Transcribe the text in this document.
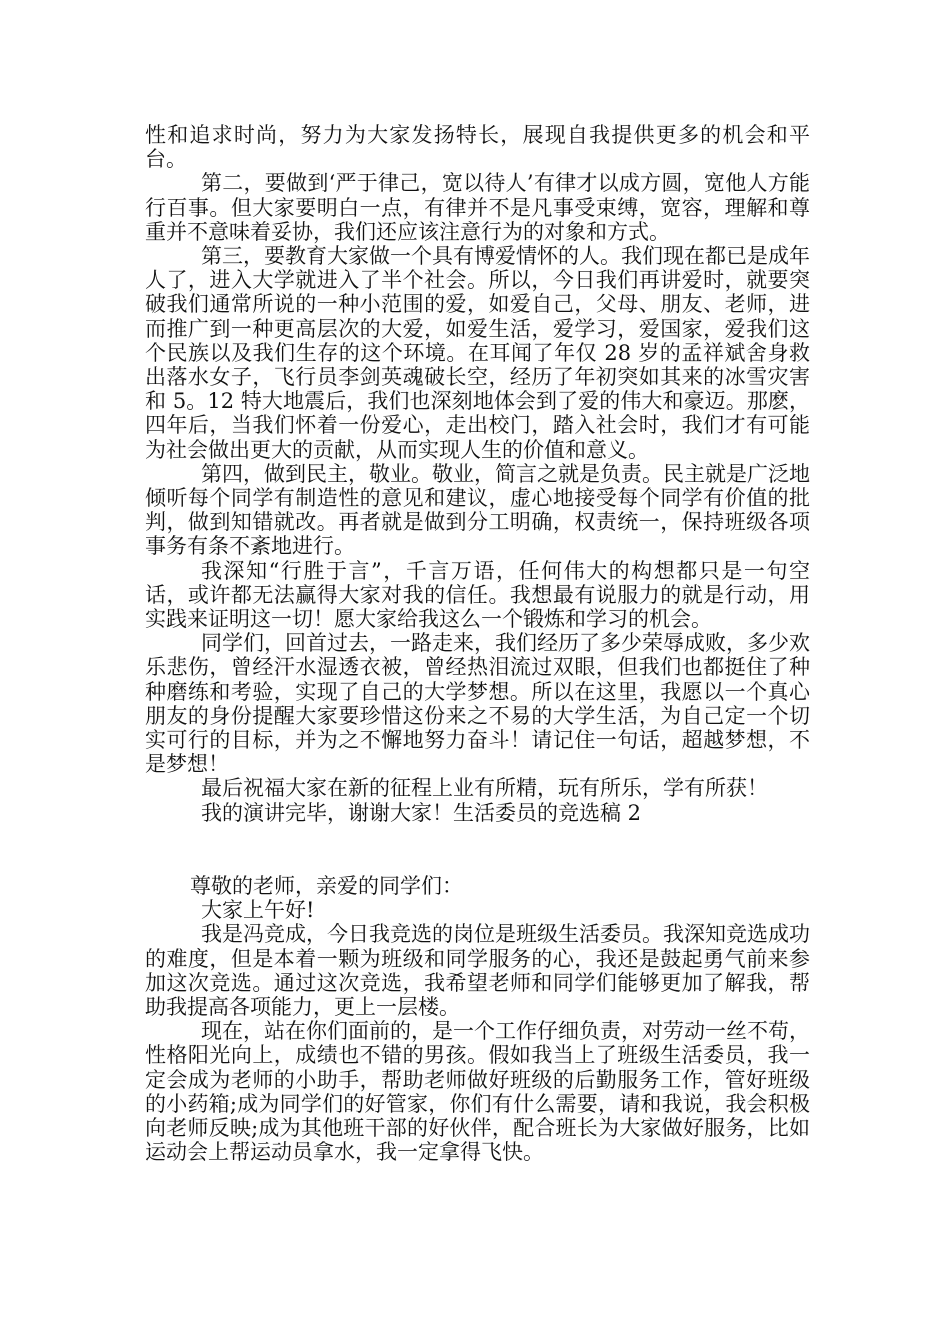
性和追求时尚，努力为大家发扬特长，展现自我提供更多的机会和平台。

第二，要做到‘严于律己，宽以待人’有律才以成方圆，宽他人方能行百事。但大家要明白一点，有律并不是凡事受束缚，宽容，理解和尊重并不意味着妥协，我们还应该注意行为的对象和方式。

第三，要教育大家做一个具有博爱情怀的人。我们现在都已是成年人了，进入大学就进入了半个社会。所以，今日我们再讲爱时，就要突破我们通常所说的一种小范围的爱，如爱自己，父母、朋友、老师，进而推广到一种更高层次的大爱，如爱生活，爱学习，爱国家，爱我们这个民族以及我们生存的这个环境。在耳闻了年仅 28 岁的孟祥斌舍身救出落水女子，飞行员李剑英魂破长空，经历了年初突如其来的冰雪灾害和 5。12 特大地震后，我们也深刻地体会到了爱的伟大和豪迈。那麽，四年后，当我们怀着一份爱心，走出校门，踏入社会时，我们才有可能为社会做出更大的贡献，从而实现人生的价值和意义。

第四，做到民主，敬业。敬业，简言之就是负责。民主就是广泛地倾听每个同学有制造性的意见和建议，虚心地接受每个同学有价值的批判，做到知错就改。再者就是做到分工明确，权责统一，保持班级各项事务有条不紊地进行。

我深知“行胜于言”，千言万语，任何伟大的构想都只是一句空话，或许都无法赢得大家对我的信任。我想最有说服力的就是行动，用实践来证明这一切！愿大家给我这么一个锻炼和学习的机会。

同学们，回首过去，一路走来，我们经历了多少荣辱成败，多少欢乐悲伤，曾经汗水湿透衣被，曾经热泪流过双眼，但我们也都挺住了种种磨练和考验，实现了自己的大学梦想。所以在这里，我愿以一个真心朋友的身份提醒大家要珍惜这份来之不易的大学生活，为自己定一个切实可行的目标，并为之不懈地努力奋斗！请记住一句话，超越梦想，不是梦想！

最后祝福大家在新的征程上业有所精，玩有所乐，学有所获！

我的演讲完毕，谢谢大家！生活委员的竞选稿 2

尊敬的老师，亲爱的同学们：

大家上午好!

我是冯竞成，今日我竞选的岗位是班级生活委员。我深知竞选成功的难度，但是本着一颗为班级和同学服务的心，我还是鼓起勇气前来参加这次竞选。通过这次竞选，我希望老师和同学们能够更加了解我，帮助我提高各项能力，更上一层楼。

现在，站在你们面前的，是一个工作仔细负责，对劳动一丝不苟，性格阳光向上，成绩也不错的男孩。假如我当上了班级生活委员，我一定会成为老师的小助手，帮助老师做好班级的后勤服务工作，管好班级的小药箱;成为同学们的好管家，你们有什么需要，请和我说，我会积极向老师反映;成为其他班干部的好伙伴，配合班长为大家做好服务，比如运动会上帮运动员拿水，我一定拿得飞快。
